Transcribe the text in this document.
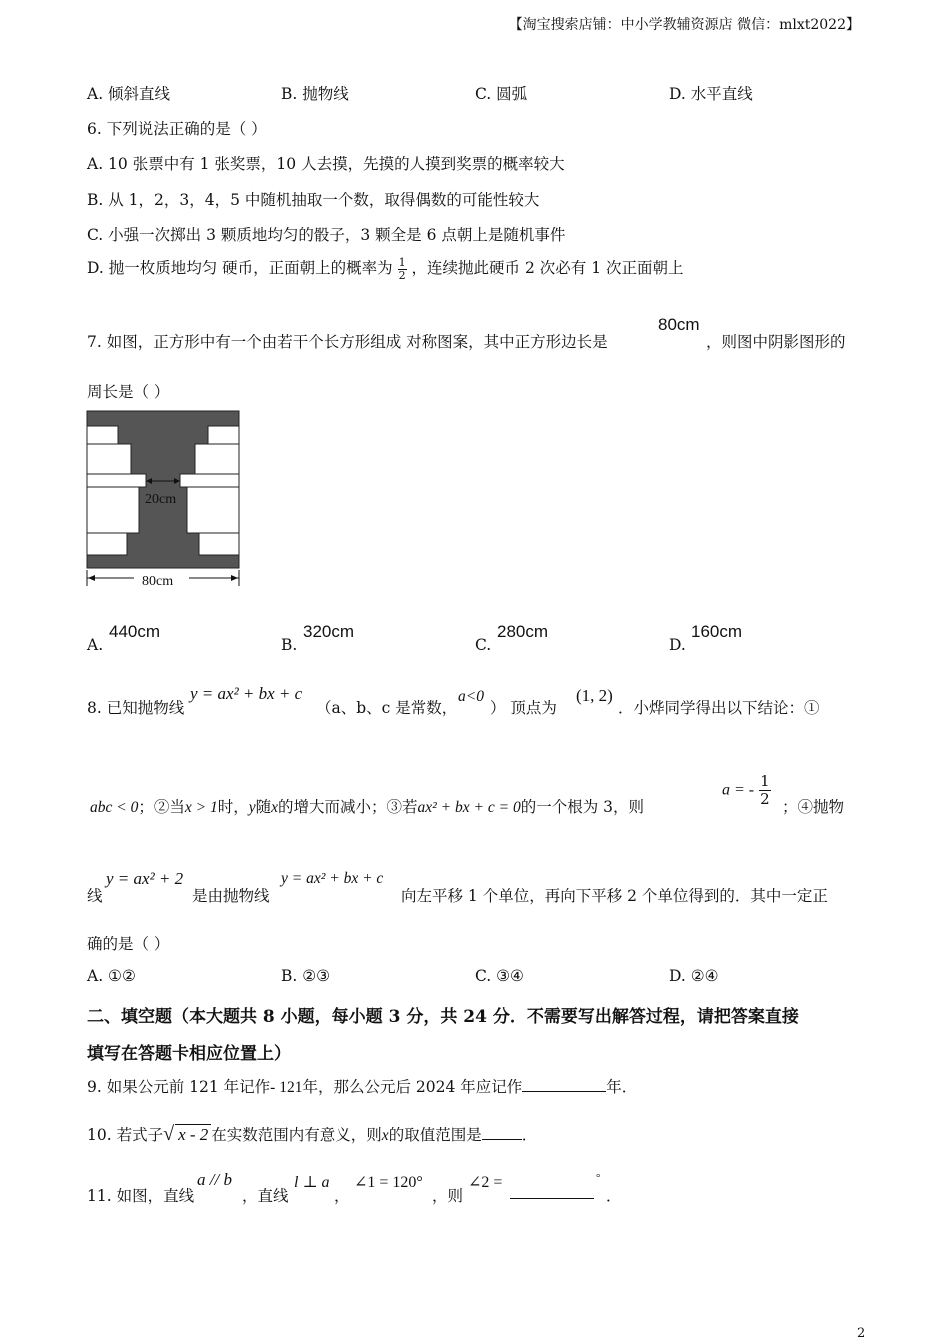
【淘宝搜索店铺：中小学教辅资源店 微信：mlxt2022】
A. 倾斜直线	B. 抛物线	C. 圆弧	D. 水平直线
6. 下列说法正确的是（ ）
A. 10 张票中有 1 张奖票，10 人去摸，先摸的人摸到奖票的概率较大
B. 从 1，2，3，4，5 中随机抽取一个数，取得偶数的可能性较大
C. 小强一次掷出 3 颗质地均匀的骰子，3 颗全是 6 点朝上是随机事件
D. 抛一枚质地均匀 硬币，正面朝上的概率为 $\frac{1}{2}$ ，连续抛此硬币 2 次必有 1 次正面朝上
7. 如图，正方形中有一个由若干个长方形组成 对称图案，其中正方形边长是
80cm
，则图中阴影图形的
周长是（ ）
20cm
80cm
A.
440cm
B.
320cm
C.
280cm
D.
160cm
8. 已知抛物线
y = ax² + bx + c
（a、b、c 是常数，
a<0
） 顶点为
(1, 2)
．小烨同学得出以下结论：①
abc < 0；②当x > 1时，y随x的增大而减小；③若ax² + bx + c = 0的一个根为 3，则
a = - $\frac{1}{2}$ ；④抛物
线
y = ax² + 2
是由抛物线
y = ax² + bx + c
向左平移 1 个单位，再向下平移 2 个单位得到的．其中一定正
确的是（ ）
A. ①②	B. ②③	C. ③④	D. ②④
二、填空题（本大题共 8 小题，每小题 3 分，共 24 分．不需要写出解答过程，请把答案直接
填写在答题卡相应位置上）
9. 如果公元前 121 年记作- 121年，那么公元后 2024 年应记作	年．
10. 若式子√ x - 2 在实数范围内有意义，则x的取值范围是	．
11. 如图，直线
a // b
，直线
l ⊥ a
，
∠1 = 120°
，则
∠2 =	°
．
2
